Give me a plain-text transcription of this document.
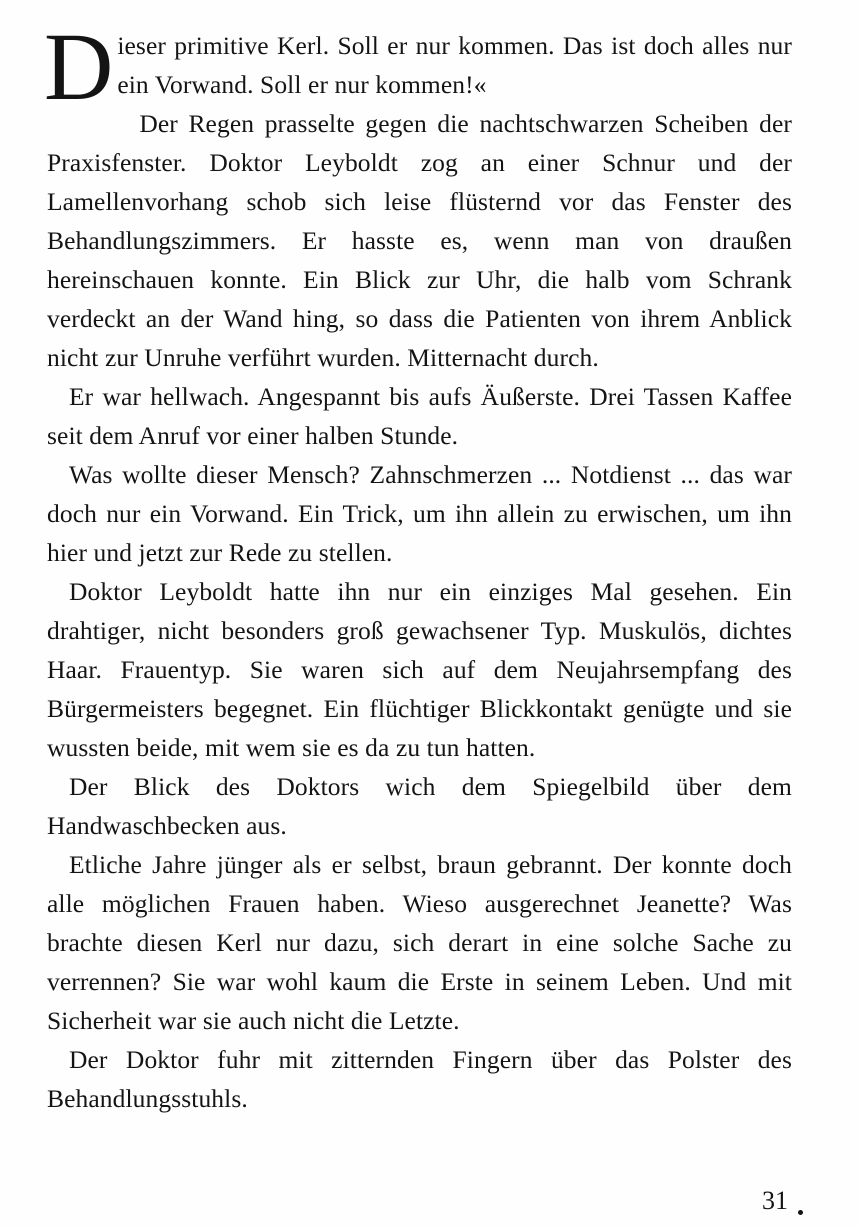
Dieser primitive Kerl. Soll er nur kommen. Das ist doch alles nur ein Vorwand. Soll er nur kommen!«

Der Regen prasselte gegen die nachtschwarzen Scheiben der Praxisfenster. Doktor Leyboldt zog an einer Schnur und der Lamellenvorhang schob sich leise flüsternd vor das Fenster des Behandlungszimmers. Er hasste es, wenn man von draußen hereinschauen konnte. Ein Blick zur Uhr, die halb vom Schrank verdeckt an der Wand hing, so dass die Patienten von ihrem Anblick nicht zur Unruhe verführt wurden. Mitternacht durch.

Er war hellwach. Angespannt bis aufs Äußerste. Drei Tassen Kaffee seit dem Anruf vor einer halben Stunde.

Was wollte dieser Mensch? Zahnschmerzen ... Notdienst ... das war doch nur ein Vorwand. Ein Trick, um ihn allein zu erwischen, um ihn hier und jetzt zur Rede zu stellen.

Doktor Leyboldt hatte ihn nur ein einziges Mal gesehen. Ein drahtiger, nicht besonders groß gewachsener Typ. Muskulös, dichtes Haar. Frauentyp. Sie waren sich auf dem Neujahrsempfang des Bürgermeisters begegnet. Ein flüchtiger Blickkontakt genügte und sie wussten beide, mit wem sie es da zu tun hatten.

Der Blick des Doktors wich dem Spiegelbild über dem Handwaschbecken aus.

Etliche Jahre jünger als er selbst, braun gebrannt. Der konnte doch alle möglichen Frauen haben. Wieso ausgerechnet Jeanette? Was brachte diesen Kerl nur dazu, sich derart in eine solche Sache zu verrennen? Sie war wohl kaum die Erste in seinem Leben. Und mit Sicherheit war sie auch nicht die Letzte.

Der Doktor fuhr mit zitternden Fingern über das Polster des Behandlungsstuhls.

31
